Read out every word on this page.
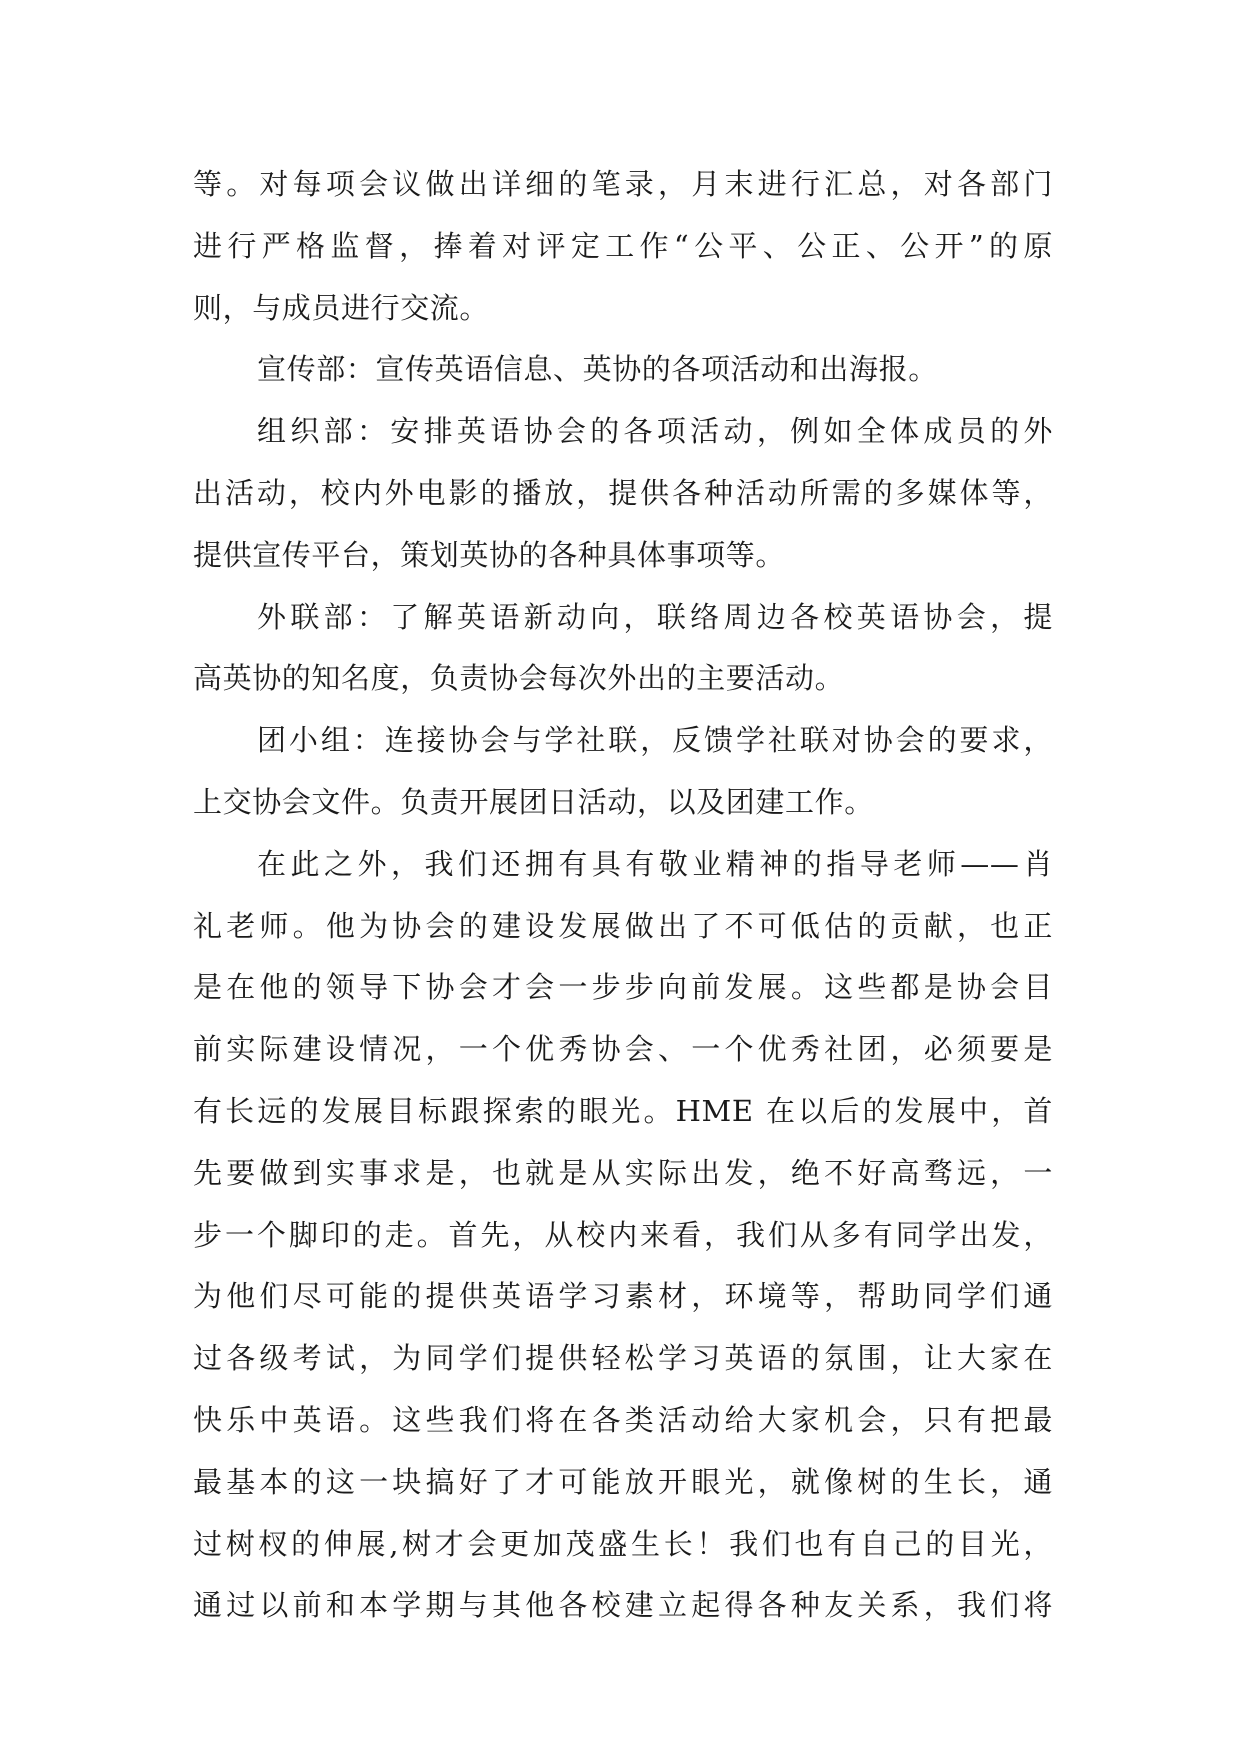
等。对每项会议做出详细的笔录，月末进行汇总，对各部门
进行严格监督，捧着对评定工作“公平、公正、公开”的原
则，与成员进行交流。
宣传部：宣传英语信息、英协的各项活动和出海报。
组织部：安排英语协会的各项活动，例如全体成员的外
出活动，校内外电影的播放，提供各种活动所需的多媒体等，
提供宣传平台，策划英协的各种具体事项等。
外联部：了解英语新动向，联络周边各校英语协会，提
高英协的知名度，负责协会每次外出的主要活动。
团小组：连接协会与学社联，反馈学社联对协会的要求，
上交协会文件。负责开展团日活动，以及团建工作。
在此之外，我们还拥有具有敬业精神的指导老师——肖
礼老师。他为协会的建设发展做出了不可低估的贡献，也正
是在他的领导下协会才会一步步向前发展。这些都是协会目
前实际建设情况，一个优秀协会、一个优秀社团，必须要是
有长远的发展目标跟探索的眼光。HME 在以后的发展中，首
先要做到实事求是，也就是从实际出发，绝不好高骛远，一
步一个脚印的走。首先，从校内来看，我们从多有同学出发，
为他们尽可能的提供英语学习素材，环境等，帮助同学们通
过各级考试，为同学们提供轻松学习英语的氛围，让大家在
快乐中英语。这些我们将在各类活动给大家机会，只有把最
最基本的这一块搞好了才可能放开眼光，就像树的生长，通
过树杈的伸展,树才会更加茂盛生长！我们也有自己的目光，
通过以前和本学期与其他各校建立起得各种友关系，我们将
